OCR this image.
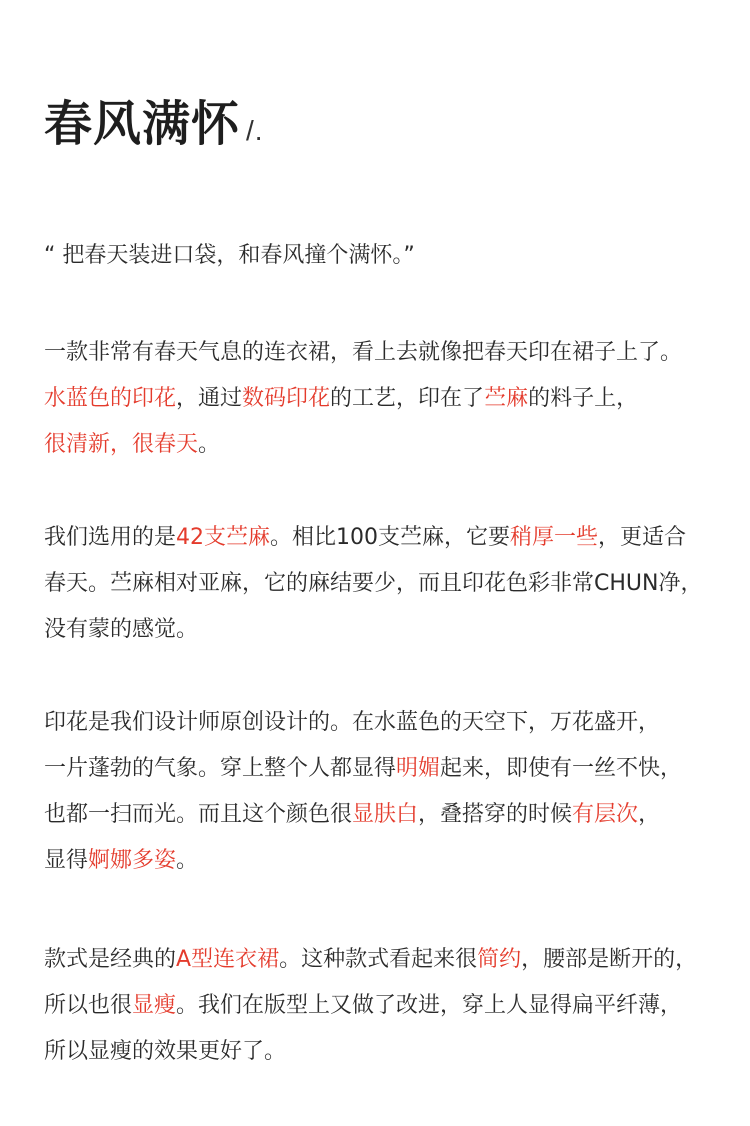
春风满怀 /.
“ 把春天装进口袋，和春风撞个满怀。”
一款非常有春天气息的连衣裙，看上去就像把春天印在裙子上了。
水蓝色的印花，通过数码印花的工艺，印在了苎麻的料子上，
很清新，很春天。
我们选用的是42支苎麻。相比100支苎麻，它要稍厚一些，更适合
春天。苎麻相对亚麻，它的麻结要少，而且印花色彩非常CHUN净，
没有蒙的感觉。
印花是我们设计师原创设计的。在水蓝色的天空下，万花盛开，
一片蓬勃的气象。穿上整个人都显得明媚起来，即使有一丝不快，
也都一扫而光。而且这个颜色很显肤白，叠搭穿的时候有层次，
显得婀娜多姿。
款式是经典的A型连衣裙。这种款式看起来很简约，腰部是断开的，
所以也很显瘦。我们在版型上又做了改进，穿上人显得扁平纤薄，
所以显瘦的效果更好了。
